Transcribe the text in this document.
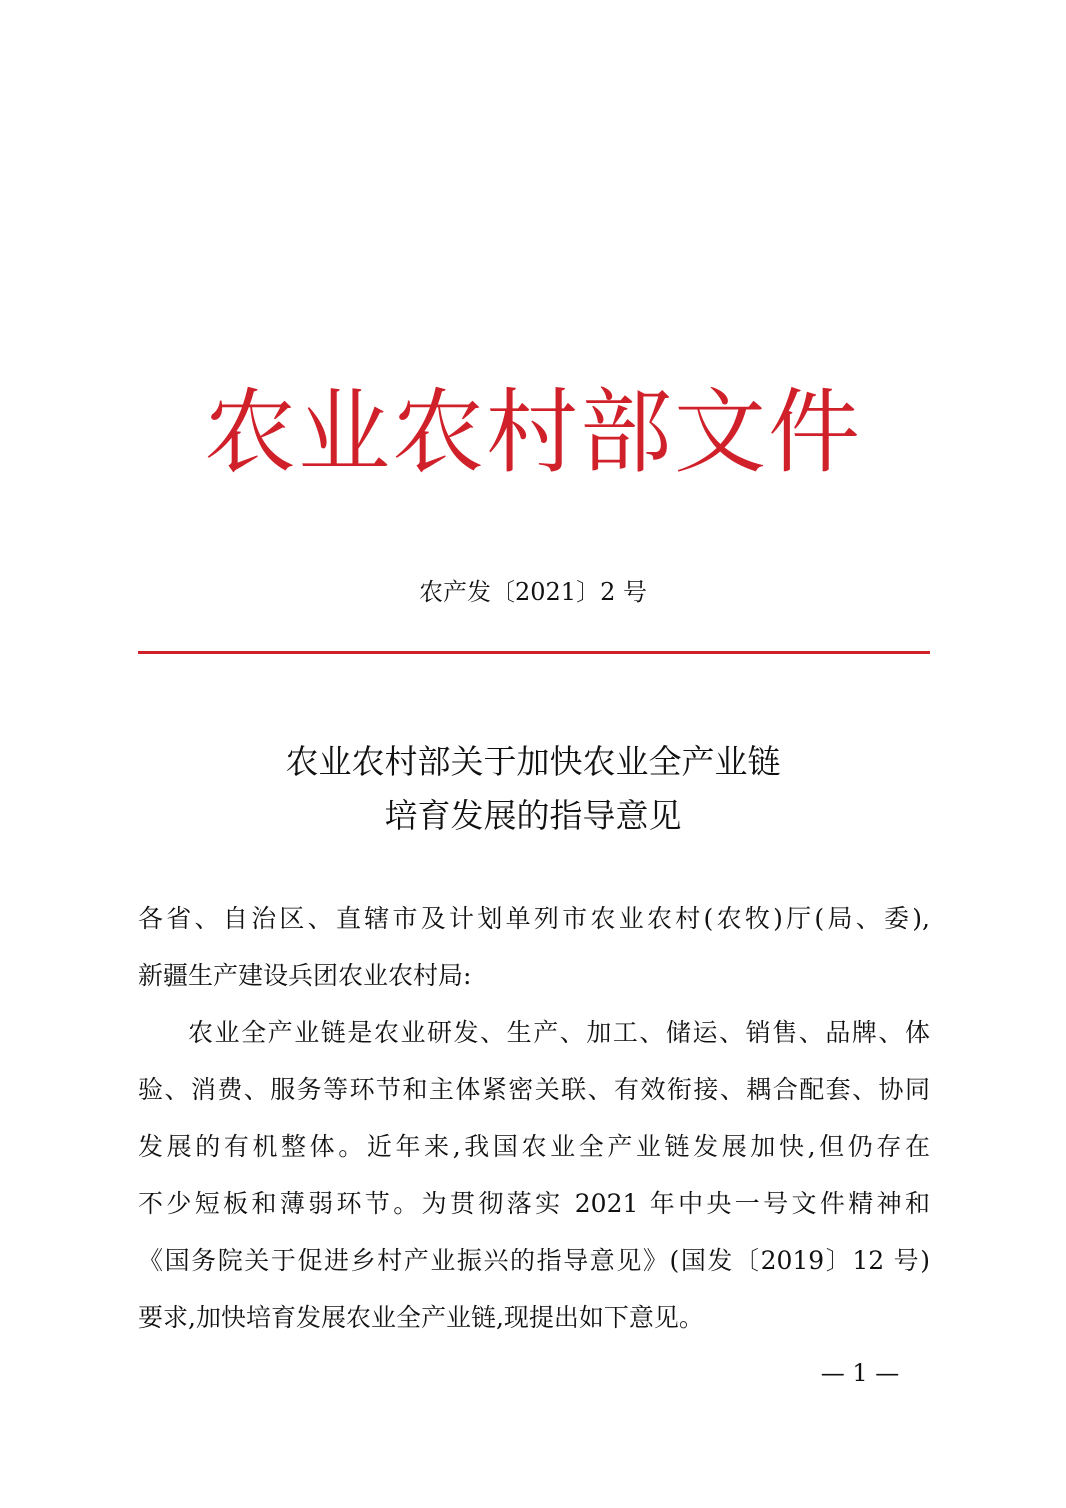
农业农村部文件
农产发〔2021〕2 号
农业农村部关于加快农业全产业链
培育发展的指导意见
各省、自治区、直辖市及计划单列市农业农村(农牧)厅(局、委),
新疆生产建设兵团农业农村局:
农业全产业链是农业研发、生产、加工、储运、销售、品牌、体
验、消费、服务等环节和主体紧密关联、有效衔接、耦合配套、协同
发展的有机整体。近年来,我国农业全产业链发展加快,但仍存在
不少短板和薄弱环节。为贯彻落实 2021 年中央一号文件精神和
《国务院关于促进乡村产业振兴的指导意见》(国发〔2019〕12 号)
要求,加快培育发展农业全产业链,现提出如下意见。
— 1 —
